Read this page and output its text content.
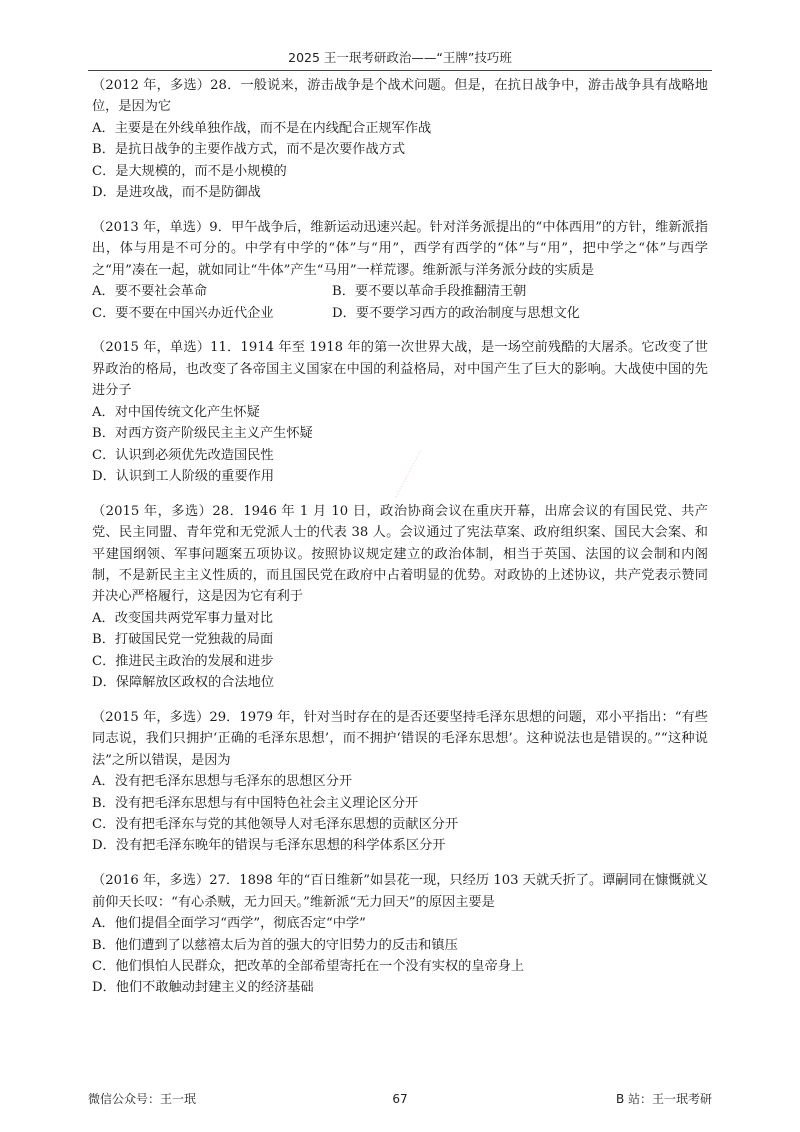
2025 王一珉考研政治——“王牌”技巧班
（2012 年，多选）28．一般说来，游击战争是个战术问题。但是，在抗日战争中，游击战争具有战略地位，是因为它
A．主要是在外线单独作战，而不是在内线配合正规军作战
B．是抗日战争的主要作战方式，而不是次要作战方式
C．是大规模的，而不是小规模的
D．是进攻战，而不是防御战
（2013 年，单选）9．甲午战争后，维新运动迅速兴起。针对洋务派提出的“中体西用”的方针，维新派指出，体与用是不可分的。中学有中学的“体”与“用”，西学有西学的“体”与“用”，把中学之“体”与西学之“用”凑在一起，就如同让“牛体”产生“马用”一样荒谬。维新派与洋务派分歧的实质是
A．要不要社会革命	B．要不要以革命手段推翻清王朝
C．要不要在中国兴办近代企业	D．要不要学习西方的政治制度与思想文化
（2015 年，单选）11．1914 年至 1918 年的第一次世界大战，是一场空前残酷的大屠杀。它改变了世界政治的格局，也改变了各帝国主义国家在中国的利益格局，对中国产生了巨大的影响。大战使中国的先进分子
A．对中国传统文化产生怀疑
B．对西方资产阶级民主主义产生怀疑
C．认识到必须优先改造国民性
D．认识到工人阶级的重要作用
（2015 年，多选）28．1946 年 1 月 10 日，政治协商会议在重庆开幕，出席会议的有国民党、共产党、民主同盟、青年党和无党派人士的代表 38 人。会议通过了宪法草案、政府组织案、国民大会案、和平建国纲领、军事问题案五项协议。按照协议规定建立的政治体制，相当于英国、法国的议会制和内阁制，不是新民主主义性质的，而且国民党在政府中占着明显的优势。对政协的上述协议，共产党表示赞同并决心严格履行，这是因为它有利于
A．改变国共两党军事力量对比
B．打破国民党一党独裁的局面
C．推进民主政治的发展和进步
D．保障解放区政权的合法地位
（2015 年，多选）29．1979 年，针对当时存在的是否还要坚持毛泽东思想的问题，邓小平指出：“有些同志说，我们只拥护‘正确的毛泽东思想’，而不拥护‘错误的毛泽东思想’。这种说法也是错误的。”“这种说法”之所以错误，是因为
A．没有把毛泽东思想与毛泽东的思想区分开
B．没有把毛泽东思想与有中国特色社会主义理论区分开
C．没有把毛泽东与党的其他领导人对毛泽东思想的贡献区分开
D．没有把毛泽东晚年的错误与毛泽东思想的科学体系区分开
（2016 年，多选）27．1898 年的“百日维新”如昙花一现，只经历 103 天就夭折了。谭嗣同在慷慨就义前仰天长叹：“有心杀贼，无力回天。”维新派“无力回天”的原因主要是
A．他们提倡全面学习“西学”，彻底否定“中学”
B．他们遭到了以慈禧太后为首的强大的守旧势力的反击和镇压
C．他们惧怕人民群众，把改革的全部希望寄托在一个没有实权的皇帝身上
D．他们不敢触动封建主义的经济基础
···················
微信公众号：王一珉	67	B 站：王一珉考研
